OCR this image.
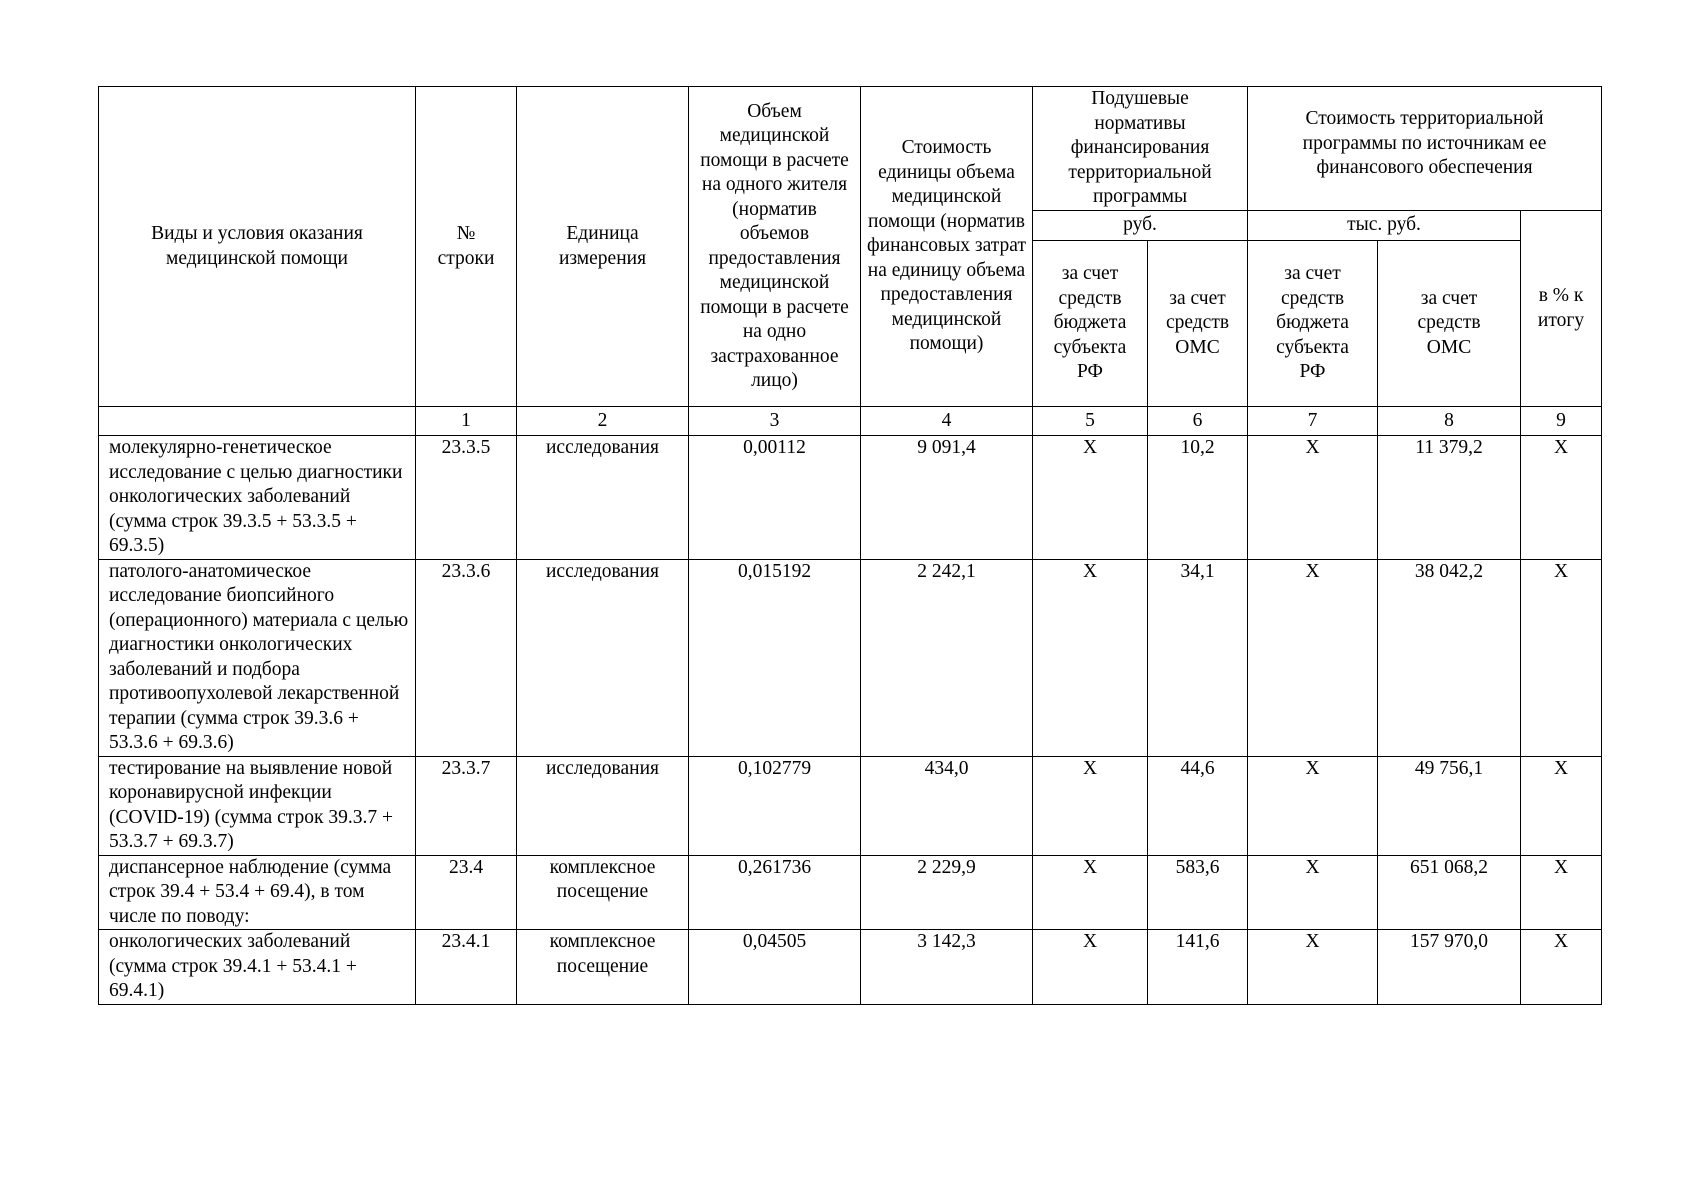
Виды и условия оказания медицинской помощи	№ строки	Единица измерения	Объем медицинской помощи в расчете на одного жителя (норматив объемов предоставления медицинской помощи в расчете на одно застрахованное лицо)	Стоимость единицы объема медицинской помощи (норматив финансовых затрат на единицу объема предоставления медицинской помощи)	Подушевые нормативы финансирования территориальной программы		Стоимость территориальной программы по источникам ее финансового обеспечения		
					руб.		тыс. руб.		в % к итогу
					за счет средств бюджета субъекта РФ	за счет средств ОМС	за счет средств бюджета субъекта РФ	за счет средств ОМС	
	1	2	3	4	5	6	7	8	9
молекулярно-генетическое исследование с целью диагностики онкологических заболеваний (сумма строк 39.3.5 + 53.3.5 + 69.3.5)	23.3.5	исследования	0,00112	9 091,4	Х	10,2	Х	11 379,2	Х
патолого-анатомическое исследование биопсийного (операционного) материала с целью диагностики онкологических заболеваний и подбора противоопухолевой лекарственной терапии (сумма строк 39.3.6 + 53.3.6 + 69.3.6)	23.3.6	исследования	0,015192	2 242,1	Х	34,1	Х	38 042,2	Х
тестирование на выявление новой коронавирусной инфекции (COVID-19) (сумма строк 39.3.7 + 53.3.7 + 69.3.7)	23.3.7	исследования	0,102779	434,0	Х	44,6	Х	49 756,1	Х
диспансерное наблюдение (сумма строк 39.4 + 53.4 + 69.4), в том числе по поводу:	23.4	комплексное посещение	0,261736	2 229,9	Х	583,6	Х	651 068,2	Х
онкологических заболеваний (сумма строк 39.4.1 + 53.4.1 + 69.4.1)	23.4.1	комплексное посещение	0,04505	3 142,3	Х	141,6	Х	157 970,0	Х
